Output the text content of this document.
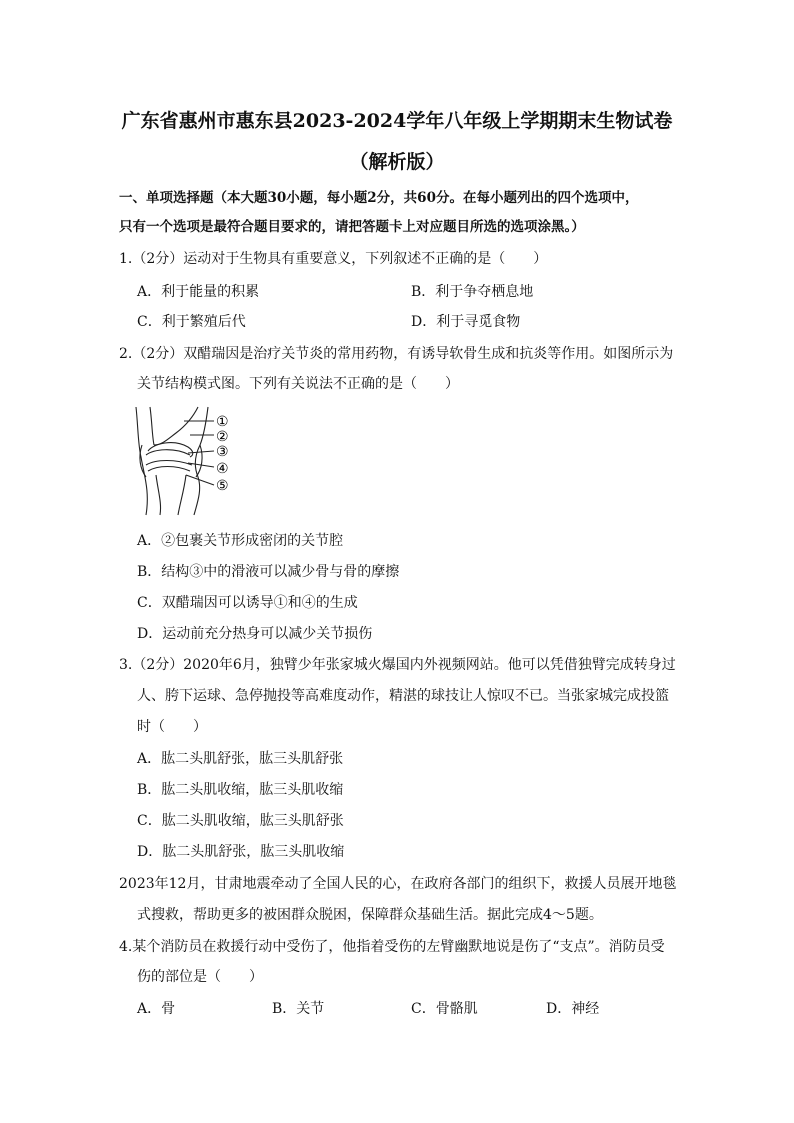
广东省惠州市惠东县2023-2024学年八年级上学期期末生物试卷
（解析版）
一、单项选择题（本大题30小题，每小题2分，共60分。在每小题列出的四个选项中，
只有一个选项是最符合题目要求的，请把答题卡上对应题目所选的选项涂黑。）
1.（2分）运动对于生物具有重要意义，下列叙述不正确的是（　　）
A．利于能量的积累	B．利于争夺栖息地
C．利于繁殖后代	D．利于寻觅食物
2.（2分）双醋瑞因是治疗关节炎的常用药物，有诱导软骨生成和抗炎等作用。如图所示为
关节结构模式图。下列有关说法不正确的是（　　）
①
②
③
④
⑤
A．②包裹关节形成密闭的关节腔
B．结构③中的滑液可以减少骨与骨的摩擦
C．双醋瑞因可以诱导①和④的生成
D．运动前充分热身可以减少关节损伤
3.（2分）2020年6月，独臂少年张家城火爆国内外视频网站。他可以凭借独臂完成转身过
人、胯下运球、急停抛投等高难度动作，精湛的球技让人惊叹不已。当张家城完成投篮
时（　　）
A．肱二头肌舒张，肱三头肌舒张
B．肱二头肌收缩，肱三头肌收缩
C．肱二头肌收缩，肱三头肌舒张
D．肱二头肌舒张，肱三头肌收缩
2023年12月，甘肃地震牵动了全国人民的心，在政府各部门的组织下，救援人员展开地毯
式搜救，帮助更多的被困群众脱困，保障群众基础生活。据此完成4～5题。
4.某个消防员在救援行动中受伤了，他指着受伤的左臂幽默地说是伤了“支点”。消防员受
伤的部位是（　　）
A．骨	B．关节	C．骨骼肌	D．神经
